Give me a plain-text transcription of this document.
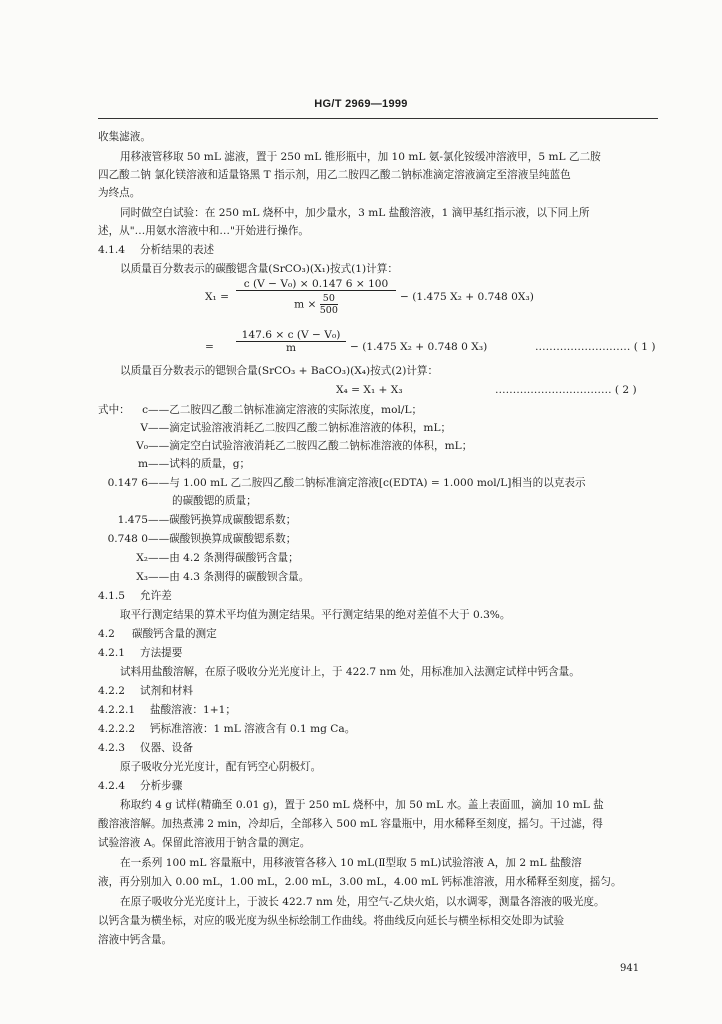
HG/T 2969—1999
收集滤液。
用移液管移取 50 mL 滤液，置于 250 mL 锥形瓶中，加 10 mL 氨-氯化铵缓冲溶液甲，5 mL 乙二胺
四乙酸二钠 氯化镁溶液和适量铬黑 T 指示剂，用乙二胺四乙酸二钠标准滴定溶液滴定至溶液呈纯蓝色
为终点。
同时做空白试验：在 250 mL 烧杯中，加少量水，3 mL 盐酸溶液，1 滴甲基红指示液，以下同上所
述，从"…用氨水溶液中和…"开始进行操作。
4.1.4 分析结果的表述
以质量百分数表示的碳酸锶含量(SrCO₃)(X₁)按式(1)计算：
$X_1 = \frac{\text{c (V − V₀) × 0.147 6 × 100}}{m \times \frac{50}{500}} - (1.475$ X₂ + 0.748 0X₃)
= $\frac{\text{147.6 × c (V − V₀)}}{m} - (1.475$ X₂ + 0.748 0 X₃)	……………………… ( 1 )
以质量百分数表示的锶钡合量(SrCO₃ + BaCO₃)(X₄)按式(2)计算：
X₄ = X₁ + X₃	…………………………… ( 2 )
式中： c——乙二胺四乙酸二钠标准滴定溶液的实际浓度，mol/L；
V——滴定试验溶液消耗乙二胺四乙酸二钠标准溶液的体积，mL；
V₀——滴定空白试验溶液消耗乙二胺四乙酸二钠标准溶液的体积，mL；
m——试料的质量，g；
0.147 6——与 1.00 mL 乙二胺四乙酸二钠标准滴定溶液[c(EDTA) = 1.000 mol/L]相当的以克表示
的碳酸锶的质量；
1.475——碳酸钙换算成碳酸锶系数；
0.748 0——碳酸钡换算成碳酸锶系数；
X₂——由 4.2 条测得碳酸钙含量；
X₃——由 4.3 条测得的碳酸钡含量。
4.1.5 允许差
取平行测定结果的算术平均值为测定结果。平行测定结果的绝对差值不大于 0.3%。
4.2 碳酸钙含量的测定
4.2.1 方法提要
试料用盐酸溶解，在原子吸收分光光度计上，于 422.7 nm 处，用标准加入法测定试样中钙含量。
4.2.2 试剂和材料
4.2.2.1 盐酸溶液：1+1；
4.2.2.2 钙标准溶液：1 mL 溶液含有 0.1 mg Ca。
4.2.3 仪器、设备
原子吸收分光光度计，配有钙空心阴极灯。
4.2.4 分析步骤
称取约 4 g 试样(精确至 0.01 g)，置于 250 mL 烧杯中，加 50 mL 水。盖上表面皿，滴加 10 mL 盐
酸溶液溶解。加热煮沸 2 min，冷却后，全部移入 500 mL 容量瓶中，用水稀释至刻度，摇匀。干过滤，得
试验溶液 A。保留此溶液用于钠含量的测定。
在一系列 100 mL 容量瓶中，用移液管各移入 10 mL(Ⅱ型取 5 mL)试验溶液 A，加 2 mL 盐酸溶
液，再分别加入 0.00 mL，1.00 mL，2.00 mL，3.00 mL，4.00 mL 钙标准溶液，用水稀释至刻度，摇匀。
在原子吸收分光光度计上，于波长 422.7 nm 处，用空气-乙炔火焰，以水调零，测量各溶液的吸光度。
以钙含量为横坐标，对应的吸光度为纵坐标绘制工作曲线。将曲线反向延长与横坐标相交处即为试验
溶液中钙含量。
941
